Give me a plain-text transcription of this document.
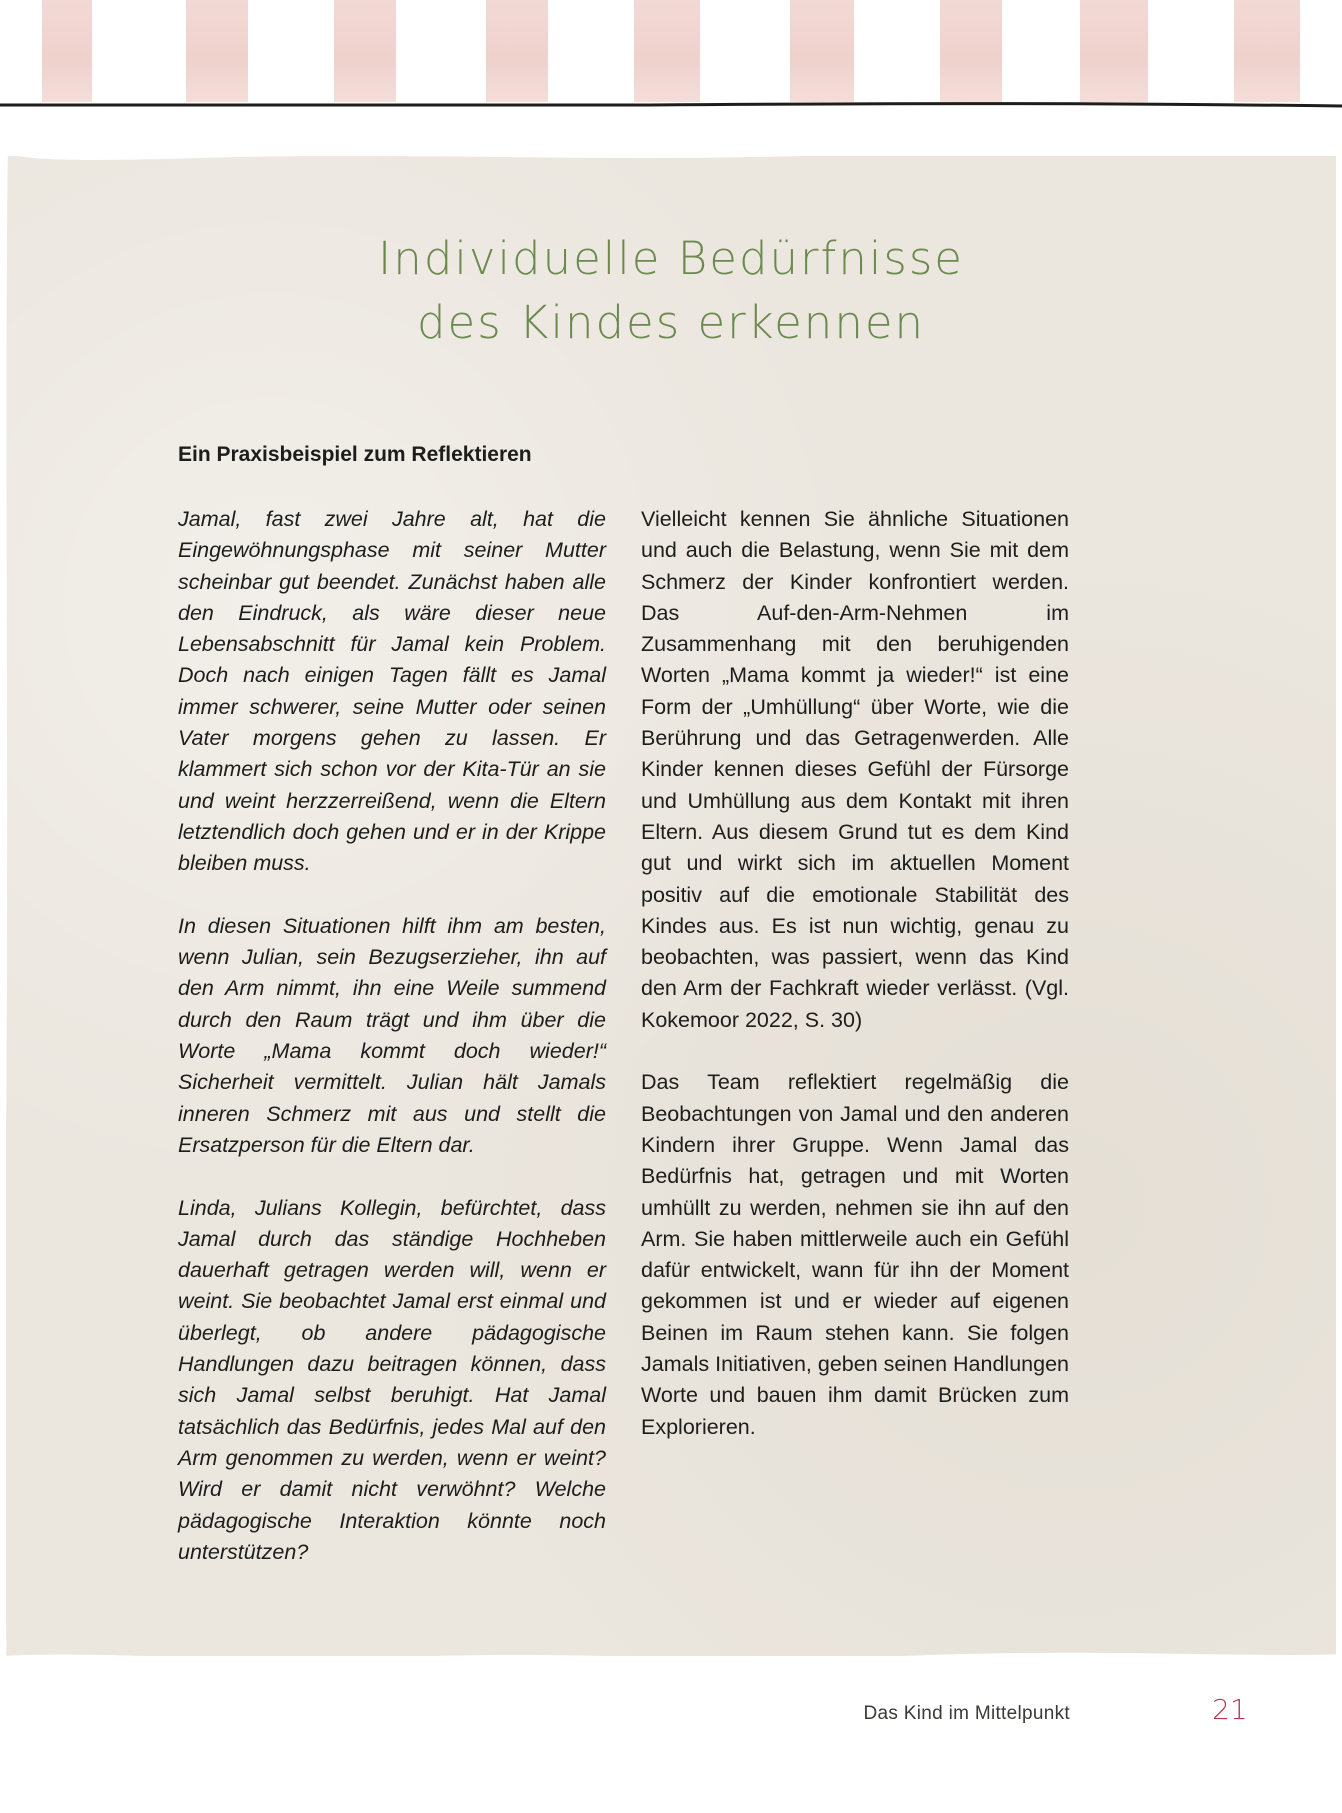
Individuelle Bedürfnisse
des Kindes erkennen
Ein Praxisbeispiel zum Reflektieren

Jamal, fast zwei Jahre alt, hat die Eingewöhnungsphase mit seiner Mutter scheinbar gut beendet. Zunächst haben alle den Eindruck, als wäre dieser neue Lebensabschnitt für Jamal kein Problem. Doch nach einigen Tagen fällt es Jamal immer schwerer, seine Mutter oder seinen Vater morgens gehen zu lassen. Er klammert sich schon vor der Kita-Tür an sie und weint herzzerreißend, wenn die Eltern letztendlich doch gehen und er in der Krippe bleiben muss.

In diesen Situationen hilft ihm am besten, wenn Julian, sein Bezugserzieher, ihn auf den Arm nimmt, ihn eine Weile summend durch den Raum trägt und ihm über die Worte „Mama kommt doch wieder!“ Sicherheit vermittelt. Julian hält Jamals inneren Schmerz mit aus und stellt die Ersatzperson für die Eltern dar.

Linda, Julians Kollegin, befürchtet, dass Jamal durch das ständige Hochheben dauerhaft getragen werden will, wenn er weint. Sie beobachtet Jamal erst einmal und überlegt, ob andere pädagogische Handlungen dazu beitragen können, dass sich Jamal selbst beruhigt. Hat Jamal tatsächlich das Bedürfnis, jedes Mal auf den Arm genommen zu werden, wenn er weint? Wird er damit nicht verwöhnt? Welche pädagogische Interaktion könnte noch unterstützen?

Vielleicht kennen Sie ähnliche Situationen und auch die Belastung, wenn Sie mit dem Schmerz der Kinder konfrontiert werden. Das Auf-den-Arm-Nehmen im Zusammenhang mit den beruhigenden Worten „Mama kommt ja wieder!“ ist eine Form der „Umhüllung“ über Worte, wie die Berührung und das Getragenwerden. Alle Kinder kennen dieses Gefühl der Fürsorge und Umhüllung aus dem Kontakt mit ihren Eltern. Aus diesem Grund tut es dem Kind gut und wirkt sich im aktuellen Moment positiv auf die emotionale Stabilität des Kindes aus. Es ist nun wichtig, genau zu beobachten, was passiert, wenn das Kind den Arm der Fachkraft wieder verlässt. (Vgl. Kokemoor 2022, S. 30)

Das Team reflektiert regelmäßig die Beobachtungen von Jamal und den anderen Kindern ihrer Gruppe. Wenn Jamal das Bedürfnis hat, getragen und mit Worten umhüllt zu werden, nehmen sie ihn auf den Arm. Sie haben mittlerweile auch ein Gefühl dafür entwickelt, wann für ihn der Moment gekommen ist und er wieder auf eigenen Beinen im Raum stehen kann. Sie folgen Jamals Initiativen, geben seinen Handlungen Worte und bauen ihm damit Brücken zum Explorieren.

Das Kind im Mittelpunkt	21
